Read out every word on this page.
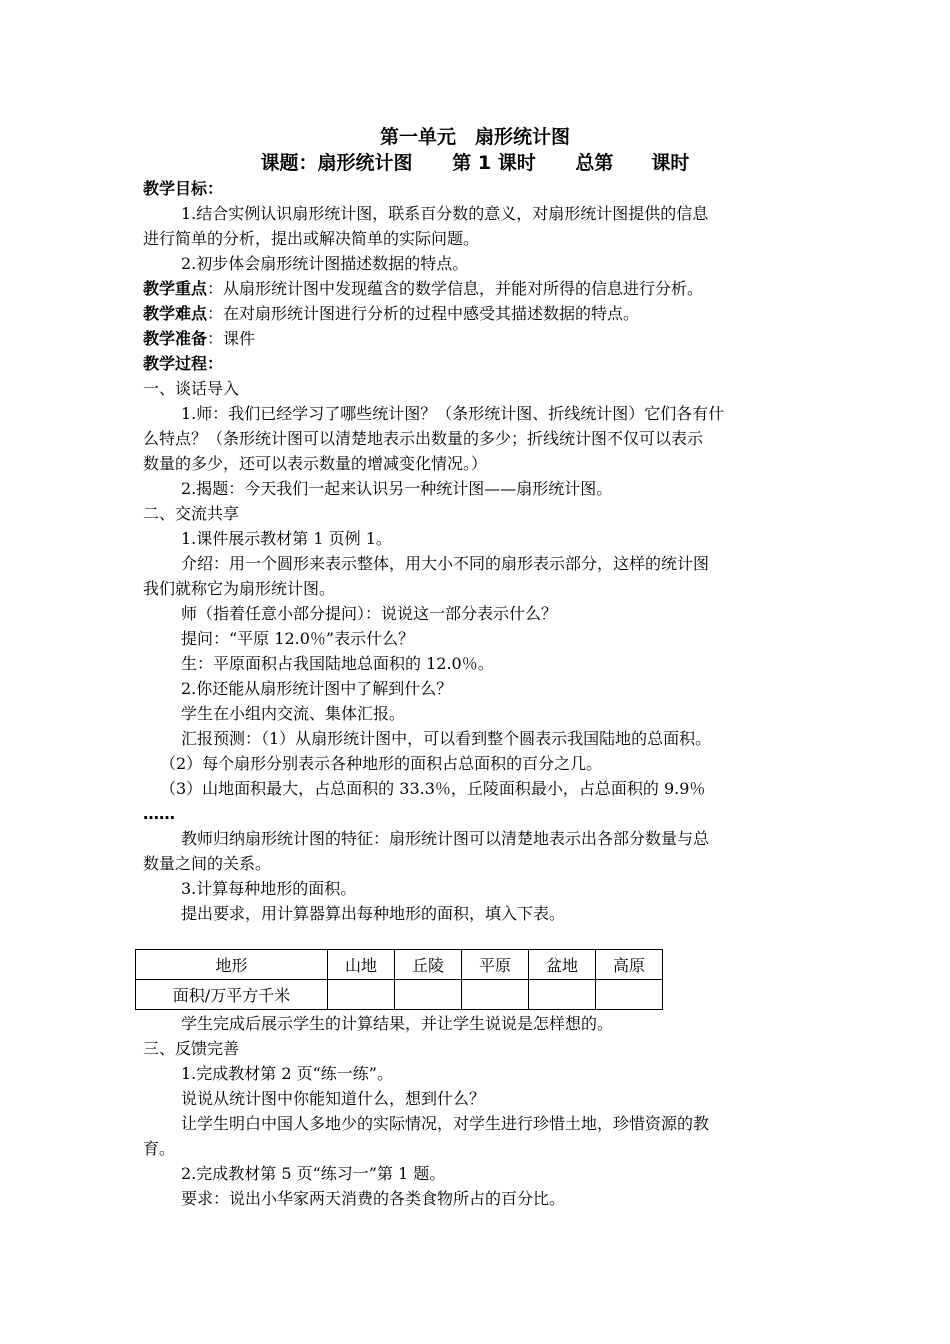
第一单元　扇形统计图
课题：扇形统计图 第 1 课时 总第　　课时
教学目标：
1.结合实例认识扇形统计图，联系百分数的意义，对扇形统计图提供的信息
进行简单的分析，提出或解决简单的实际问题。
2.初步体会扇形统计图描述数据的特点。
教学重点：从扇形统计图中发现蕴含的数学信息，并能对所得的信息进行分析。
教学难点：在对扇形统计图进行分析的过程中感受其描述数据的特点。
教学准备：课件
教学过程：
一、谈话导入
1.师：我们已经学习了哪些统计图？（条形统计图、折线统计图）它们各有什
么特点？（条形统计图可以清楚地表示出数量的多少；折线统计图不仅可以表示
数量的多少，还可以表示数量的增减变化情况。）
2.揭题：今天我们一起来认识另一种统计图——扇形统计图。
二、交流共享
1.课件展示教材第 1 页例 1。
介绍：用一个圆形来表示整体，用大小不同的扇形表示部分，这样的统计图
我们就称它为扇形统计图。
师（指着任意小部分提问）：说说这一部分表示什么？
提问：“平原 12.0％”表示什么？
生：平原面积占我国陆地总面积的 12.0％。
2.你还能从扇形统计图中了解到什么？
学生在小组内交流、集体汇报。
汇报预测：（1）从扇形统计图中，可以看到整个圆表示我国陆地的总面积。
（2）每个扇形分别表示各种地形的面积占总面积的百分之几。
（3）山地面积最大，占总面积的 33.3％，丘陵面积最小，占总面积的 9.9％
……
教师归纳扇形统计图的特征：扇形统计图可以清楚地表示出各部分数量与总
数量之间的关系。
3.计算每种地形的面积。
提出要求，用计算器算出每种地形的面积，填入下表。
地形	山地	丘陵	平原	盆地	高原
面积/万平方千米					
学生完成后展示学生的计算结果，并让学生说说是怎样想的。
三、反馈完善
1.完成教材第 2 页“练一练”。
说说从统计图中你能知道什么，想到什么？
让学生明白中国人多地少的实际情况，对学生进行珍惜土地，珍惜资源的教
育。
2.完成教材第 5 页“练习一”第 1 题。
要求：说出小华家两天消费的各类食物所占的百分比。
